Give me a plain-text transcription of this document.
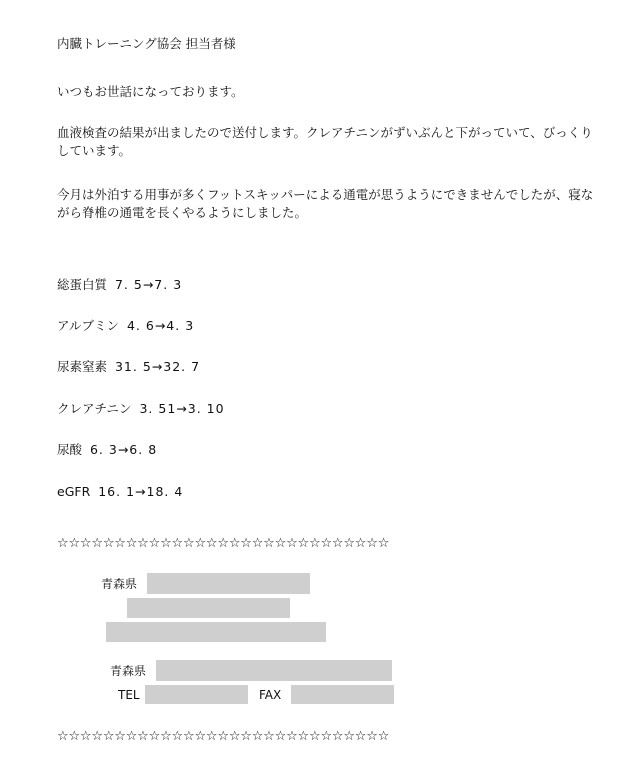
内臓トレーニング協会 担当者様
いつもお世話になっております。
血液検査の結果が出ましたので送付します。クレアチニンがずいぶんと下がっていて、びっくりしています。
今月は外泊する用事が多くフットスキッパーによる通電が思うようにできませんでしたが、寝ながら脊椎の通電を長くやるようにしました。
総蛋白質 7. 5→7. 3
アルブミン 4. 6→4. 3
尿素窒素 31. 5→32. 7
クレアチニン 3. 51→3. 10
尿酸 6. 3→6. 8
eGFR 16. 1→18. 4
☆☆☆☆☆☆☆☆☆☆☆☆☆☆☆☆☆☆☆☆☆☆☆☆☆☆☆☆☆
青森県
青森県
TEL	FAX
☆☆☆☆☆☆☆☆☆☆☆☆☆☆☆☆☆☆☆☆☆☆☆☆☆☆☆☆☆
